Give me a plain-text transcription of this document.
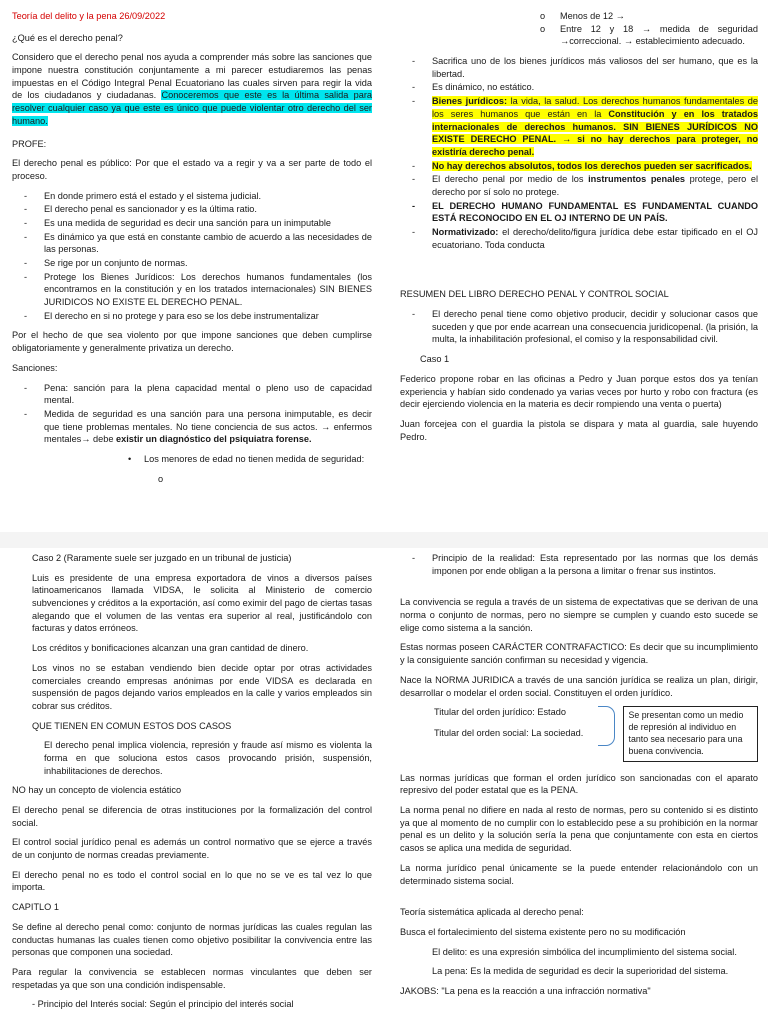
Teoría del delito y la pena 26/09/2022

¿Qué es el derecho penal?

Considero que el derecho penal nos ayuda a comprender más sobre las sanciones que impone nuestra constitución conjuntamente a mi parecer estudiaremos las penas impuestas en el Código Integral Penal Ecuatoriano las cuales sirven para regir la vida de los ciudadanos y ciudadanas. Conoceremos que este es la última salida para resolver cualquier caso ya que este es único que puede violentar otro derecho del ser humano.

PROFE:

El derecho penal es público: Por que el estado va a regir y va a ser parte de todo el proceso.

- En donde primero está el estado y el sistema judicial.
- El derecho penal es sancionador y es la última ratio.
- Es una medida de seguridad es decir una sanción para un inimputable
- Es dinámico ya que está en constante cambio de acuerdo a las necesidades de las personas.
- Se rige por un conjunto de normas.
- Protege los Bienes Jurídicos: Los derechos humanos fundamentales (los encontramos en la constitución y en los tratados internacionales) SIN BIENES JURIDICOS NO EXISTE EL DERECHO PENAL.
- El derecho en si no protege y para eso se los debe instrumentalizar

Por el hecho de que sea violento por que impone sanciones que deben cumplirse obligatoriamente y generalmente privatiza un derecho.

Sanciones:

- Pena: sanción para la plena capacidad mental o pleno uso de capacidad mental.
- Medida de seguridad es una sanción para una persona inimputable, es decir que tiene problemas mentales. No tiene conciencia de sus actos. → enfermos mentales→ debe existir un diagnóstico del psiquiatra forense.
• Los menores de edad no tienen medida de seguridad:
o
o Menos de 12 →
o Entre 12 y 18 → medida de seguridad →correccional. → establecimiento adecuado.
- Sacrifica uno de los bienes jurídicos más valiosos del ser humano, que es la libertad.
- Es dinámico, no estático.
- Bienes jurídicos: la vida, la salud. Los derechos humanos fundamentales de los seres humanos que están en la Constitución y en los tratados internacionales de derechos humanos. SIN BIENES JURÍDICOS NO EXISTE DERECHO PENAL. → si no hay derechos para proteger, no existiría derecho penal.
- No hay derechos absolutos, todos los derechos pueden ser sacrificados.
- El derecho penal por medio de los instrumentos penales protege, pero el derecho por sí solo no protege.
- EL DERECHO HUMANO FUNDAMENTAL ES FUNDAMENTAL CUANDO ESTÁ RECONOCIDO EN EL OJ INTERNO DE UN PAÍS.
- Normativizado: el derecho/delito/figura jurídica debe estar tipificado en el OJ ecuatoriano. Toda conducta

RESUMEN DEL LIBRO DERECHO PENAL Y CONTROL SOCIAL

- El derecho penal tiene como objetivo producir, decidir y solucionar casos que suceden y que por ende acarrean una consecuencia juridicopenal. (la prisión, la multa, la inhabilitación profesional, el comiso y la responsabilidad civil.

Caso 1

Federico propone robar en las oficinas a Pedro y Juan porque estos dos ya tenían experiencia y habían sido condenado ya varias veces por hurto y robo con fractura (es decir ejerciendo violencia en la materia es decir rompiendo una venta o puerta)

Juan forcejea con el guardia la pistola se dispara y mata al guardia, sale huyendo Pedro.

Caso 2 (Raramente suele ser juzgado en un tribunal de justicia)

Luis es presidente de una empresa exportadora de vinos a diversos países latinoamericanos llamada VIDSA, le solicita al Ministerio de comercio subvenciones y créditos a la exportación, así como eximir del pago de ciertas tasas alegando que el volumen de las ventas era superior al real, justificándolo con facturas y datos erróneos.

Los créditos y bonificaciones alcanzan una gran cantidad de dinero.

Los vinos no se estaban vendiendo bien decide optar por otras actividades comerciales creando empresas anónimas por ende VIDSA es declarada en suspensión de pagos dejando varios empleados en la calle y varios empleados sin cobrar sus créditos.

QUE TIENEN EN COMUN ESTOS DOS CASOS

El derecho penal implica violencia, represión y fraude así mismo es violenta la forma en que soluciona estos casos provocando prisión, suspensión, inhabilitaciones de derechos.

NO hay un concepto de violencia estático

El derecho penal se diferencia de otras instituciones por la formalización del control social.

El control social jurídico penal es además un control normativo que se ejerce a través de un conjunto de normas creadas previamente.

El derecho penal no es todo el control social en lo que no se ve es tal vez lo que importa.

CAPITLO 1

Se define al derecho penal como: conjunto de normas jurídicas las cuales regulan las conductas humanas las cuales tienen como objetivo posibilitar la convivencia entre las personas que componen una sociedad.

Para regular la convivencia se establecen normas vinculantes que deben ser respetadas ya que son una condición indispensable.

- Principio del Interés social: Según el principio del interés social

- Principio de la realidad: Esta representado por las normas que los demás imponen por ende obligan a la persona a limitar o frenar sus instintos.

La convivencia se regula a través de un sistema de expectativas que se derivan de una norma o conjunto de normas, pero no siempre se cumplen y cuando esto sucede se elige como sistema a la sanción.

Estas normas poseen CARÁCTER CONTRAFACTICO: Es decir que su incumplimiento y la consiguiente sanción confirman su necesidad y vigencia.

Nace la NORMA JURIDICA a través de una sanción jurídica se realiza un plan, dirigir, desarrollar o modelar el orden social. Constituyen el orden jurídico.

Titular del orden jurídico: Estado
Titular del orden social: La sociedad.
Se presentan como un medio de represión al individuo en tanto sea necesario para una buena convivencia.

Las normas jurídicas que forman el orden jurídico son sancionadas con el aparato represivo del poder estatal que es la PENA.

La norma penal no difiere en nada al resto de normas, pero su contenido si es distinto ya que al momento de no cumplir con lo establecido pese a su prohibición en la normar penal es un delito y la solución sería la pena que conjuntamente con esta en ciertos casos se aplica una medida de seguridad.

La norma jurídico penal únicamente se la puede entender relacionándolo con un determinado sistema social.

Teoría sistemática aplicada al derecho penal:

Busca el fortalecimiento del sistema existente pero no su modificación

El delito: es una expresión simbólica del incumplimiento del sistema social.

La pena: Es la medida de seguridad es decir la superioridad del sistema.

JAKOBS: "La pena es la reacción a una infracción normativa"
